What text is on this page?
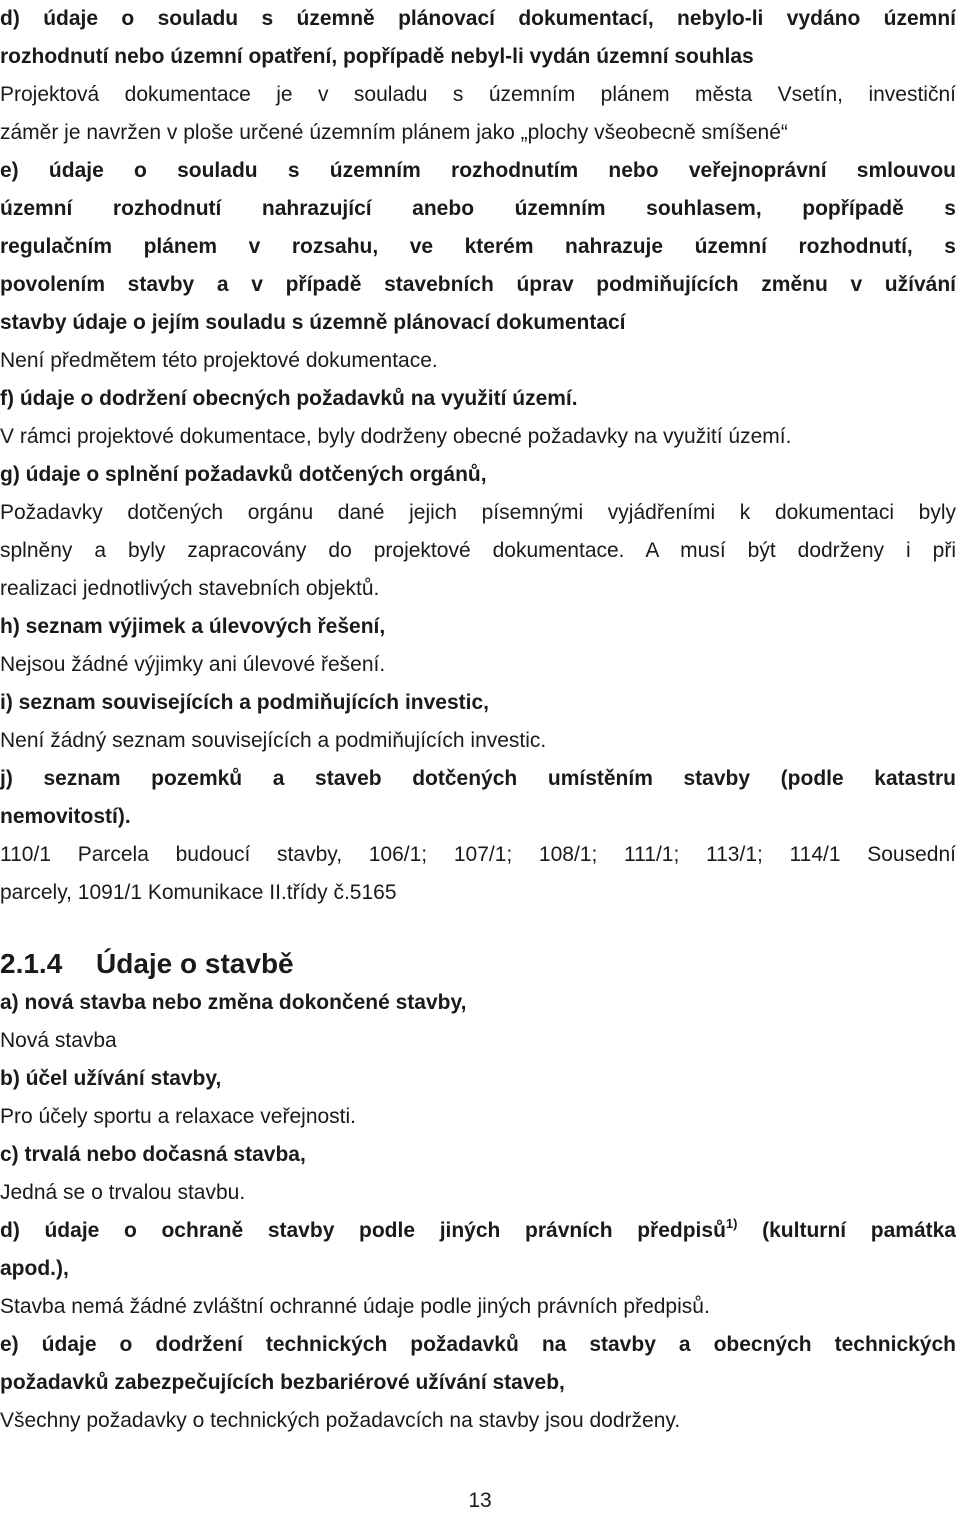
d) údaje o souladu s územně plánovací dokumentací, nebylo-li vydáno územní

rozhodnutí nebo územní opatření, popřípadě nebyl-li vydán územní souhlas

Projektová dokumentace je v souladu s územním plánem města Vsetín, investiční

záměr je navržen v ploše určené územním plánem jako „plochy všeobecně smíšené“

e) údaje o souladu s územním rozhodnutím nebo veřejnoprávní smlouvou

územní rozhodnutí nahrazující anebo územním souhlasem, popřípadě s

regulačním plánem v rozsahu, ve kterém nahrazuje územní rozhodnutí, s

povolením stavby a v případě stavebních úprav podmiňujících změnu v užívání

stavby údaje o jejím souladu s územně plánovací dokumentací

Není předmětem této projektové dokumentace.

f) údaje o dodržení obecných požadavků na využití území.

V rámci projektové dokumentace, byly dodrženy obecné požadavky na využití území.

g) údaje o splnění požadavků dotčených orgánů,

Požadavky dotčených orgánu dané jejich písemnými vyjádřeními k dokumentaci byly

splněny a byly zapracovány do projektové dokumentace. A musí být dodrženy i při

realizaci jednotlivých stavebních objektů.

h) seznam výjimek a úlevových řešení,

Nejsou žádné výjimky ani úlevové řešení.

i) seznam souvisejících a podmiňujících investic,

Není žádný seznam souvisejících a podmiňujících investic.

j) seznam pozemků a staveb dotčených umístěním stavby (podle katastru

nemovitostí).

110/1 Parcela budoucí stavby, 106/1; 107/1; 108/1; 111/1; 113/1; 114/1 Sousední

parcely, 1091/1 Komunikace II.třídy č.5165

2.1.4 Údaje o stavbě

a) nová stavba nebo změna dokončené stavby,

Nová stavba

b) účel užívání stavby,

Pro účely sportu a relaxace veřejnosti.

c) trvalá nebo dočasná stavba,

Jedná se o trvalou stavbu.

d) údaje o ochraně stavby podle jiných právních předpisů$^{1)}$ (kulturní památka

apod.),

Stavba nemá žádné zvláštní ochranné údaje podle jiných právních předpisů.

e) údaje o dodržení technických požadavků na stavby a obecných technických

požadavků zabezpečujících bezbariérové užívání staveb,

Všechny požadavky o technických požadavcích na stavby jsou dodrženy.

13
